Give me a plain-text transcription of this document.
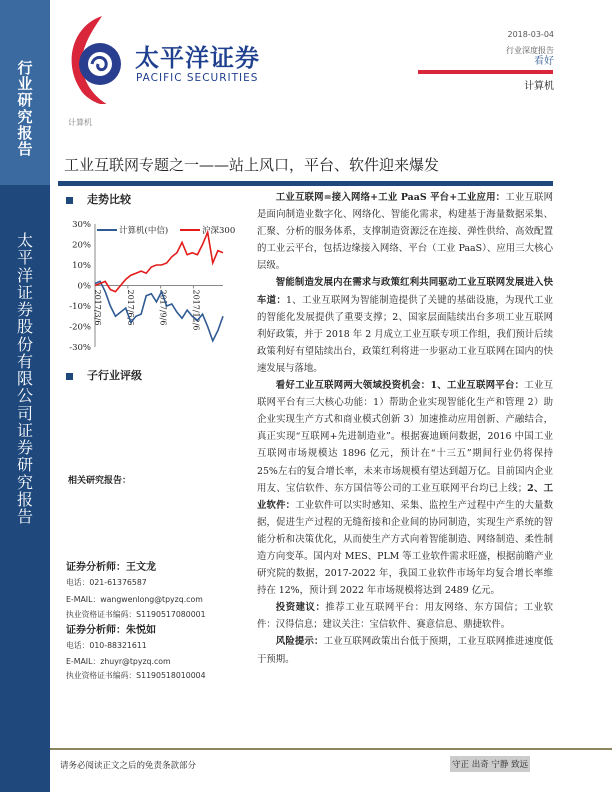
行
业
研
究
报
告
太
平
洋
证
券
股
份
有
限
公
司
证
券
研
究
报
告
太平洋证券
PACIFIC SECURITIES
2018-03-04
行业深度报告
看好
计算机
计算机
工业互联网专题之一——站上风口，平台、软件迎来爆发
走势比较
30%
20%
10%
0%
-10%
-20%
-30%
2017/3/6	2017/6/6	2017/9/6	2017/12/6
计算机(中信)	沪深300
子行业评级
相关研究报告：
证券分析师：王文龙
电话：021-61376587
E-MAIL：wangwenlong@tpyzq.com
执业资格证书编码：S1190517080001
证券分析师：朱悦如
电话：010-88321611
E-MAIL：zhuyr@tpyzq.com
执业资格证书编码：S1190518010004

工业互联网=接入网络+工业 PaaS 平台+工业应用：工业互联网是面向制造业数字化、网络化、智能化需求，构建基于海量数据采集、汇聚、分析的服务体系，支撑制造资源泛在连接、弹性供给、高效配置的工业云平台，包括边缘接入网络、平台（工业 PaaS）、应用三大核心层级。

智能制造发展内在需求与政策红利共同驱动工业互联网发展进入快车道：1、工业互联网为智能制造提供了关键的基础设施，为现代工业的智能化发展提供了重要支撑；2、国家层面陆续出台多项工业互联网利好政策，并于 2018 年 2 月成立工业互联专项工作组，我们预计后续政策利好有望陆续出台，政策红利将进一步驱动工业互联网在国内的快速发展与落地。

看好工业互联网两大领域投资机会：1、工业互联网平台：工业互联网平台有三大核心功能：1）帮助企业实现智能化生产和管理 2）助企业实现生产方式和商业模式创新 3）加速推动应用创新、产融结合，真正实现“互联网+先进制造业”。根据赛迪顾问数据，2016 中国工业互联网市场规模达 1896 亿元，预计在“十三五”期间行业仍将保持 25%左右的复合增长率，未来市场规模有望达到超万亿。目前国内企业用友、宝信软件、东方国信等公司的工业互联网平台均已上线；2、工业软件：工业软件可以实时感知、采集、监控生产过程中产生的大量数据，促进生产过程的无缝衔接和企业间的协同制造，实现生产系统的智能分析和决策优化，从而使生产方式向着智能制造、网络制造、柔性制造方向变革。国内对 MES、PLM 等工业软件需求旺盛，根据前瞻产业研究院的数据，2017-2022 年，我国工业软件市场年均复合增长率维持在 12%，预计到 2022 年市场规模将达到 2489 亿元。

投资建议：推荐工业互联网平台：用友网络、东方国信；工业软件：汉得信息；建议关注：宝信软件、赛意信息、鼎捷软件。

风险提示：工业互联网政策出台低于预期，工业互联网推进速度低于预期。

请务必阅读正文之后的免责条款部分	守正 出奇 宁静 致远
